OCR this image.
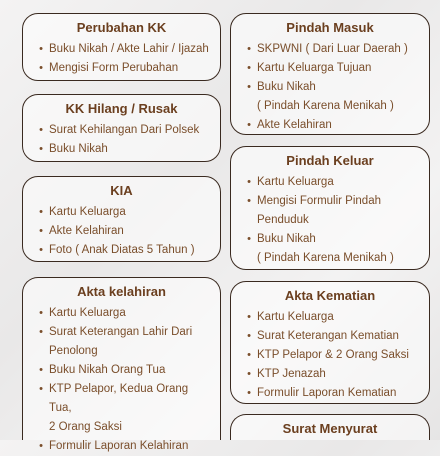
Perubahan KK
• Buku Nikah / Akte Lahir / Ijazah
• Mengisi Form Perubahan
KK Hilang / Rusak
• Surat Kehilangan Dari Polsek
• Buku Nikah
KIA
• Kartu Keluarga
• Akte Kelahiran
• Foto ( Anak Diatas 5 Tahun )
Akta kelahiran
• Kartu Keluarga
• Surat Keterangan Lahir Dari
Penolong
• Buku Nikah Orang Tua
• KTP Pelapor, Kedua Orang Tua,
2 Orang Saksi
• Formulir Laporan Kelahiran
Pindah Masuk
• SKPWNI ( Dari Luar Daerah )
• Kartu Keluarga Tujuan
• Buku Nikah
( Pindah Karena Menikah )
• Akte Kelahiran
Pindah Keluar
• Kartu Keluarga
• Mengisi Formulir Pindah
Penduduk
• Buku Nikah
( Pindah Karena Menikah )
Akta Kematian
• Kartu Keluarga
• Surat Keterangan Kematian
• KTP Pelapor & 2 Orang Saksi
• KTP Jenazah
• Formulir Laporan Kematian
Surat Menyurat
